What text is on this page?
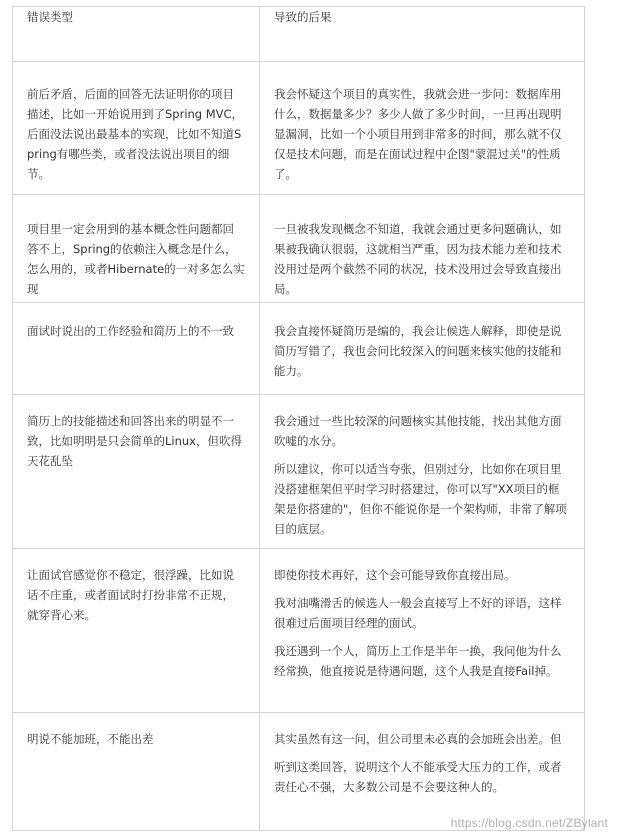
错误类型	导致的后果

前后矛盾，后面的回答无法证明你的项目描述，比如一开始说用到了Spring MVC，后面没法说出最基本的实现，比如不知道Spring有哪些类，或者没法说出项目的细节。	我会怀疑这个项目的真实性，我就会进一步问：数据库用什么，数据量多少？多少人做了多少时间，一旦再出现明显漏洞，比如一个小项目用到非常多的时间，那么就不仅仅是技术问题，而是在面试过程中企图"蒙混过关"的性质了。

项目里一定会用到的基本概念性问题都回答不上，Spring的依赖注入概念是什么，怎么用的，或者Hibernate的一对多怎么实现	一旦被我发现概念不知道，我就会通过更多问题确认，如果被我确认很弱，这就相当严重，因为技术能力差和技术没用过是两个截然不同的状况，技术没用过会导致直接出局。

面试时说出的工作经验和简历上的不一致	我会直接怀疑简历是编的，我会让候选人解释，即使是说简历写错了，我也会问比较深入的问题来核实他的技能和能力。

简历上的技能描述和回答出来的明显不一致，比如明明是只会简单的Linux，但吹得天花乱坠	我会通过一些比较深的问题核实其他技能，找出其他方面吹嘘的水分。

所以建议，你可以适当夸张，但别过分，比如你在项目里没搭建框架但平时学习时搭建过，你可以写"XX项目的框架是你搭建的"，但你不能说你是一个架构师，非常了解项目的底层。

让面试官感觉你不稳定，很浮躁，比如说话不庄重，或者面试时打扮非常不正规，就穿背心来。	即使你技术再好，这个会可能导致你直接出局。

我对油嘴滑舌的候选人一般会直接写上不好的评语，这样很难过后面项目经理的面试。

我还遇到一个人，简历上工作是半年一换，我问他为什么经常换，他直接说是待遇问题，这个人我是直接Fail掉。

明说不能加班，不能出差	其实虽然有这一问，但公司里未必真的会加班会出差。但

听到这类回答，说明这个人不能承受大压力的工作，或者责任心不强，大多数公司是不会要这种人的。

https://blog.csdn.net/ZBylant
